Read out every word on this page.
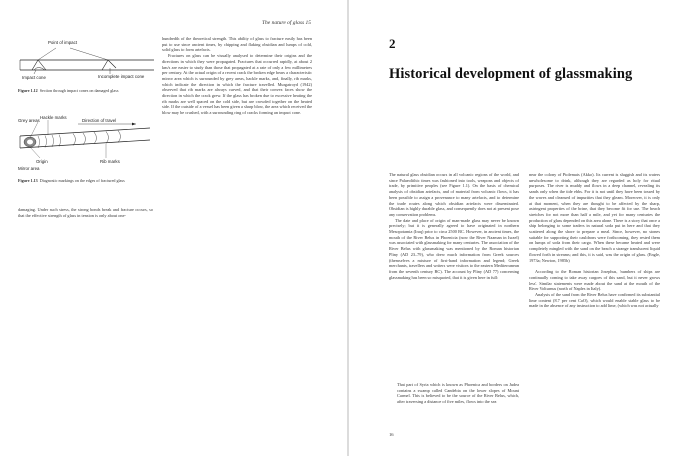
The nature of glass 15
Point of impact
Impact cone	Incomplete impact cone
Figure 1.12 Section through impact cones on damaged glass
Hackle marks
Grey areas	Direction of travel
Origin
Mirror area
Rib marks
Figure 1.13 Diagnostic markings on the edges of fractured glass

damaging. Under such stress, the strong bonds break and fracture occurs, so that the effective strength of glass in tension is only about one-

hundredth of the theoretical strength. This ability of glass to fracture easily has been put to use since ancient times, by chipping and flaking obsidian and lumps of cold, solid glass to form artefacts.

Fractures on glass can be visually analysed to determine their origins and the directions in which they were propagated. Fractures that occurred rapidly, at about 2 km/s are easier to study than those that propagated at a rate of only a few millimetres per century. At the actual origin of a recent crack the broken edge bears a characteristic mirror area which is surrounded by grey areas, hackle marks, and, finally, rib marks, which indicate the direction in which the fracture travelled. Murgatroyd (1942) observed that rib marks are always curved, and that their convex faces show the direction in which the crack grew. If the glass has broken due to excessive heating the rib marks are well spaced on the cold side, but are crowded together on the heated side. If the outside of a vessel has been given a sharp blow, the area which received the blow may be crushed, with a surrounding ring of cracks forming an impact cone.

2
Historical development of glassmaking

The natural glass obsidian occurs in all volcanic regions of the world, and since Palaeolithic times was fashioned into tools, weapons and objects of trade, by primitive peoples (see Figure 1.1). On the basis of chemical analysis of obsidian artefacts, and of material from volcanic flows, it has been possible to assign a provenance to many artefacts, and to determine the trade routes along which obsidian artefacts were disseminated. Obsidian is highly durable glass, and consequently does not at present pose any conservation problems.

The date and place of origin of man-made glass may never be known precisely; but it is generally agreed to have originated in northern Mesopotamia (Iraq) prior to circa 2500 BC. However, in ancient times, the mouth of the River Belus in Phoenicia (now the River Naaman in Israel) was associated with glassmaking for many centuries. The association of the River Belus with glassmaking was mentioned by the Roman historian Pliny (AD 23–79), who drew much information from Greek sources (themselves a mixture of first-hand information and legend; Greek merchants, travellers and writers were visitors to the eastern Mediterranean from the seventh century BC). The account by Pliny (AD 77) concerning glassmaking has been so misquoted, that it is given here in full:

That part of Syria which is known as Phoenica and borders on Judea contains a swamp called Candebia on the lower slopes of Mount Carmel. This is believed to be the source of the River Belus, which, after traversing a distance of five miles, flows into the sea

near the colony of Ptolemais (Akko). Its current is sluggish and its waters unwholesome to drink, although they are regarded as holy for ritual purposes. The river is muddy and flows in a deep channel, revealing its sands only when the tide ebbs. For it is not until they have been tossed by the waves and cleansed of impurities that they gleam. Moreover, it is only at that moment, when they are thought to be affected by the sharp, astringent properties of the brine, that they become fit for use. The beach stretches for not more than half a mile, and yet for many centuries the production of glass depended on this area alone. There is a story that once a ship belonging to some traders in natural soda put in here and that they scattered along the shore to prepare a meal. Since, however, no stones suitable for supporting their cauldrons were forthcoming, they rested them on lumps of soda from their cargo. When these became heated and were completely mingled with the sand on the beach a strange translucent liquid flowed forth in streams; and this, it is said, was the origin of glass. (Engle, 1973a; Newton, 1985b)

According to the Roman historian Josephus, 'numbers of ships are continually coming to take away cargoes of this sand, but it never grows less'. Similar statements were made about the sand at the mouth of the River Volturnus (north of Naples in Italy).

Analysis of the sand from the River Belus have confirmed its substantial lime content (8.7 per cent CaO), which would enable stable glass to be made in the absence of any instruction to add lime, (which was not actually

16
